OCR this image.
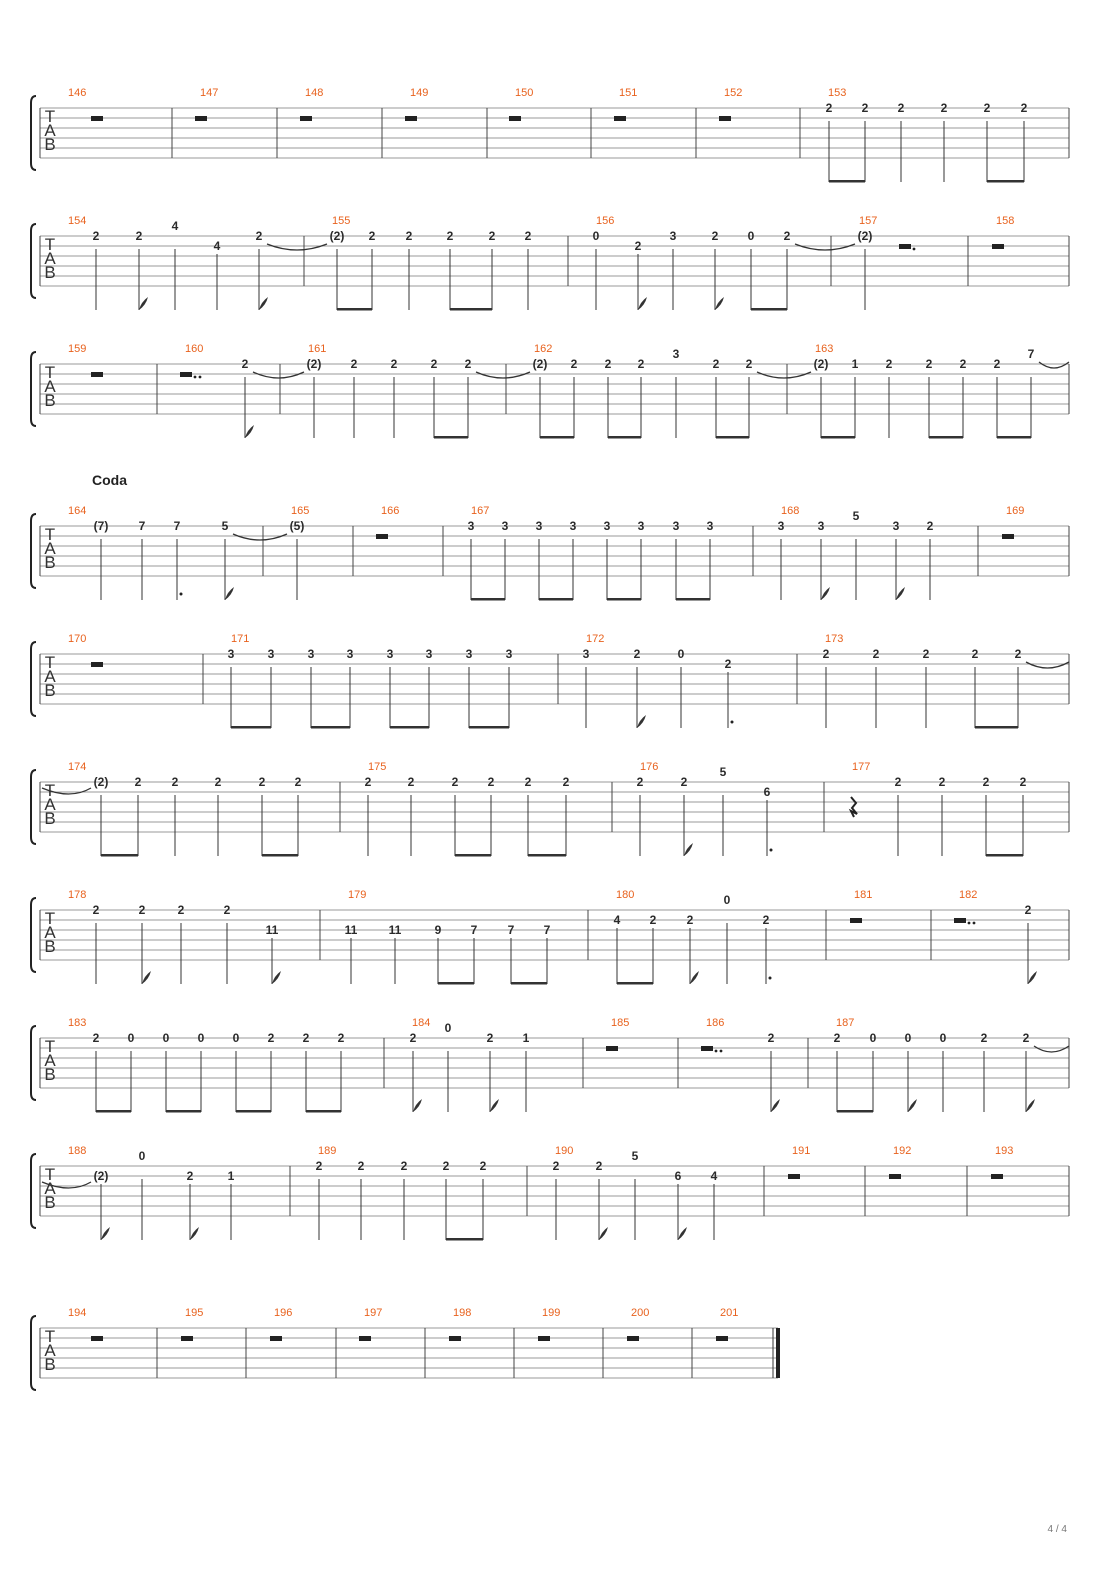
T
A
B
146	147	148	149	150	151	152	153
2 2 2	2	2	2
T
A
B
154
2	2
4
4
2
155
(2) 2	2	2	2 2
156
0
2
3	2 0 2
157
(2)
158
T
A
B
159	160
2
161
(2) 2	2	2 2
162
(2) 2 2 2
3
2 2
163
(2) 1 2	2 2 2
7
T
A
B
164
(7)	7 7	5
165
(5)
166	167
3 3 3 3 3 3 3 3
168
3	3
5
3 2
169
T
A
B
170	171
3	3	3	3	3	3	3	3
172
3	2	0
2
173
2	2	2	2	2
T
A
B
174
(2) 2	2	2	2 2
175
2	2	2 2	2	2
176
2	2
5
6
177
2	2	2	2
T
A
B
178
2	2	2	2
11
179
11	11	9 7	7 7
180
4 2	2
0
2
181	182
2
T
A
B
183
2 0 0 0 0 2 2 2
184
2
0
2 1
185	186
2
187
2 0 0 0	2	2
T
A
B
188
(2)
0
2	1
189
2	2	2	2	2
190
2	2
5
6 4
191	192	193
T
A
B
194	195	196	197	198	199	200	201
Coda
4 / 4
